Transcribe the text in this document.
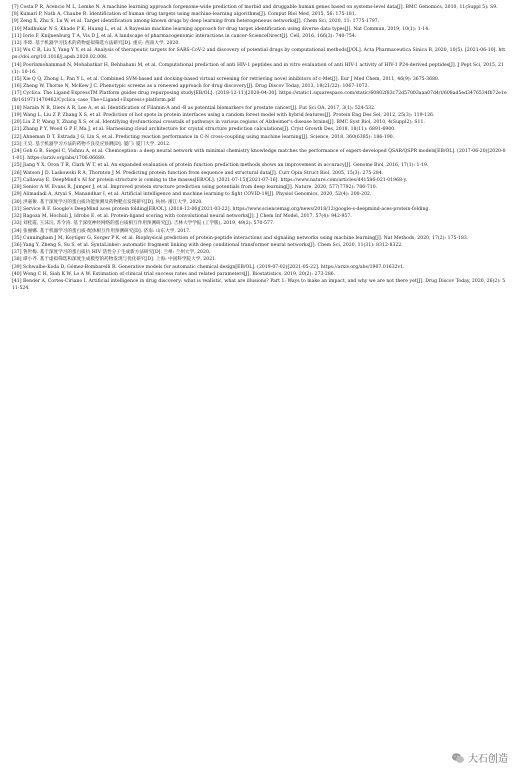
[7] Costa P R, Acencio M L, Lemke N. A machine learning approach forgenome-wide prediction of morbid and druggable human genes based on systems-level data[J]. BMC Genomics, 2010, 11(Suppl 5): S9.
[8] Kumari P, Nath A, Chaube R. Identification of human drug targets using machine-learning algorithms[J]. Comput Biol Med, 2015, 56: 175-181.
[9] Zeng X, Zhu S, Lu W, et al. Target identification among known drugs by deep learning from heterogeneous networks[J]. Chem Sci, 2020, 11: 1775-1797.
[10] Madhukar N S, Khade P K, Huang L, et al. A Bayesian machine learning approach for drug target identification using diverse data types[J]. Nat Commun, 2019, 10(1): 1-14.
[11] Iorio F, Knijnenburg T A, Vis D J, et al. A landscape of pharmacogenomic interactions in cancer-ScienceDirect[J]. Cell, 2016, 166(3): 740-754.
[12] 李璋. 基于机器学习技术的药物虚拟筛选方法研究[D]. 重庆: 西南大学, 2020.
[13] Wu C R, Liu Y, Yang Y Y, et al. Analysis of therapeutic targets for SARS-CoV-2 and discovery of potential drugs by computational methods[J/OL]. Acta Pharmaceutica Sinica B, 2020, 10(5). [2021-06-10]. https://doi.org/10.1016/j.apsb.2020.02.008.
[14] Poorinmohammad N, Mohabatkar H, Behbahani M, et al. Computational prediction of anti HIV-1 peptides and in vitro evaluation of anti HIV-1 activity of HIV-1 P24-derived peptides[J]. J Pept Sci, 2015, 21(1): 10-16.
[15] Xie Q Q, Zhong L, Pan Y L, et al. Combined SVM-based and docking-based virtual screening for retrieving novel inhibitors of c-Met[J]. Eur J Med Chem, 2011, 46(9): 3675-3680.
[16] Zheng W, Thorne N, McKew J C. Phenotypic screens as a renewed approach for drug discovery[J]. Drug Discov Today, 2013, 18(21/22): 1067-1073.
[17] Cyclica. The Ligand ExpressTM Platform guides drug repurposing study[EB/OL]. (2018-12-11)[2020-04-30]. https://static1.squarespace.com/static/60802f83c72d57003aaa07d4/t/608ad5ed3476534fb72e1ef8/1619711470462/Cyclica_case_The+Ligand+Express+platform.pdf
[18] Narain N R, Diers A R, Lee A, et al. Identification of Filamin-A and -B as potential biomarkers for prostate cancer[J]. Fut Sci OA, 2017, 3(1): 524-532.
[19] Wang L, Liu Z P, Zhang X S, et al. Prediction of hot spots in protein interfaces using a random forest model with hybrid features[J]. Protein Eng Des Sel, 2012, 25(3): 119-126.
[20] Liu Z P, Wang Y, Zhang X S, et al. Identifying dysfunctional crosstalk of pathways in various regions of Alzheimer's disease brains[J]. BMC Syst Biol, 2010, 4(Suppl2): S11.
[21] Zhang P Y, Wood G P F, Ma J, et al. Harnessing cloud architecture for crystal structure prediction calculations[J]. Cryst Growth Des, 2018, 18(11): 6891-6900.
[22] Ahneman D T, Estrada J G, Lin S, et al. Predicting reaction performance in C-N cross-coupling using machine learning[J]. Science, 2018, 360(6385): 186-190.
[23] 王昊. 基于机器学习方法的药物不良反应预测[D]. 厦门: 厦门大学, 2012.
[24] Goh G B, Siegel C, Vishnu A, et al. Chemception: a deep neural network with minimal chemistry knowledge matches the performance of expert-developed QSAR/QSPR models[EB/OL]. (2017-06-20)[2020-01-01]. https://arxiv.org/abs/1706.06689.
[25] Jiang Y X, Oron T R, Clark W T, et al. An expanded evaluation of protein function prediction methods shows an improvement in accuracy[J]. Genome Biol, 2016, 17(1): 1-19.
[26] Watson J D, Laskowski R A, Thornton J M. Predicting protein function from sequence and structural data[J]. Curr Opin Struct Biol, 2005, 15(3): 275-284.
[27] Callaway E. DeepMind's AI for protein structure is coming to the masses[EB/OL]. (2021-07-15)[2021-07-16]. https://www.nature.com/articles/d41586-021-01968-y.
[28] Senior A W, Evans R, Jumper J, et al. Improved protein structure prediction using potentials from deep learning[J]. Nature, 2020, 577(7792): 706-710.
[29] Alimadadi A, Aryal S, Manandhar I, et al. Artificial intelligence and machine learning to fight COVID-19[J]. Physiol Genomics, 2020, 52(4): 200-202.
[30] 洪嘉俊. 基于深度学习的蛋白质功能预测及药物靶点发现研究[D]. 杭州: 浙江大学, 2020.
[31] Service R F. Google's DeepMind aces protein folding[EB/OL]. (2018-12-06)[2021-03-22]. https://www.sciencemag.org/news/2018/12/google-s-deepmind-aces-protein-folding.
[32] Ragoza M, Hochuli J, Idrobo E, et al. Protein-ligand scoring with convolutional neural networks[J]. J Chem Inf Model, 2017, 57(4): 942-957.
[33] 刘桂霞, 王沫沅, 苏令涛. 基于深度神经网络的蛋白质相互作用预测研究[J]. 吉林大学学报 (工学版), 2019, 49(2): 570-577.
[34] 张丽娜. 基于机器学习的蛋白质-配体相互作用预测研究[D]. 济南: 山东大学, 2017.
[35] Cunningham J M, Koytiger G, Sorger P K, et al. Biophysical prediction of protein-peptide interactions and signaling networks using machine learning[J]. Nat Methods, 2020, 17(2): 175-183.
[36] Yang Y, Zheng S, Su S, et al. SyntaLinker: automatic fragment linking with deep conditional transformer neural networks[J]. Chem Sci, 2020, 11(31): 8312-8322.
[37] 鲁世梅. 基于深度学习的蛋白质抗 HIV 活性分子生成新方法研究[D]. 兰州: 兰州大学, 2020.
[38] 谭小齐. 基于虚拟筛选和深度生成模型的药物发现与优化研究[D]. 上海: 中国科学院大学, 2021.
[39] Schwalbe-Koda D, Gómez-Bombarelli R. Generative models for automatic chemical design[EB/OL]. (2019-07-02)[2021-05-22]. https://arxiv.org/abs/1907.01632v1.
[40] Wong C H, Siah K W, Lo A W. Estimation of clinical trial success rates and related parameters[J]. Biostatistics, 2019, 20(2): 273-286.
[41] Bender A, Cortes-Ciriano I. Artificial intelligence in drug discovery: what is realistic, what are illusions? Part 1: Ways to make an impact, and why we are not there yet[J]. Drug Discov Today, 2020, 26(2): 511-524.
大石创造
